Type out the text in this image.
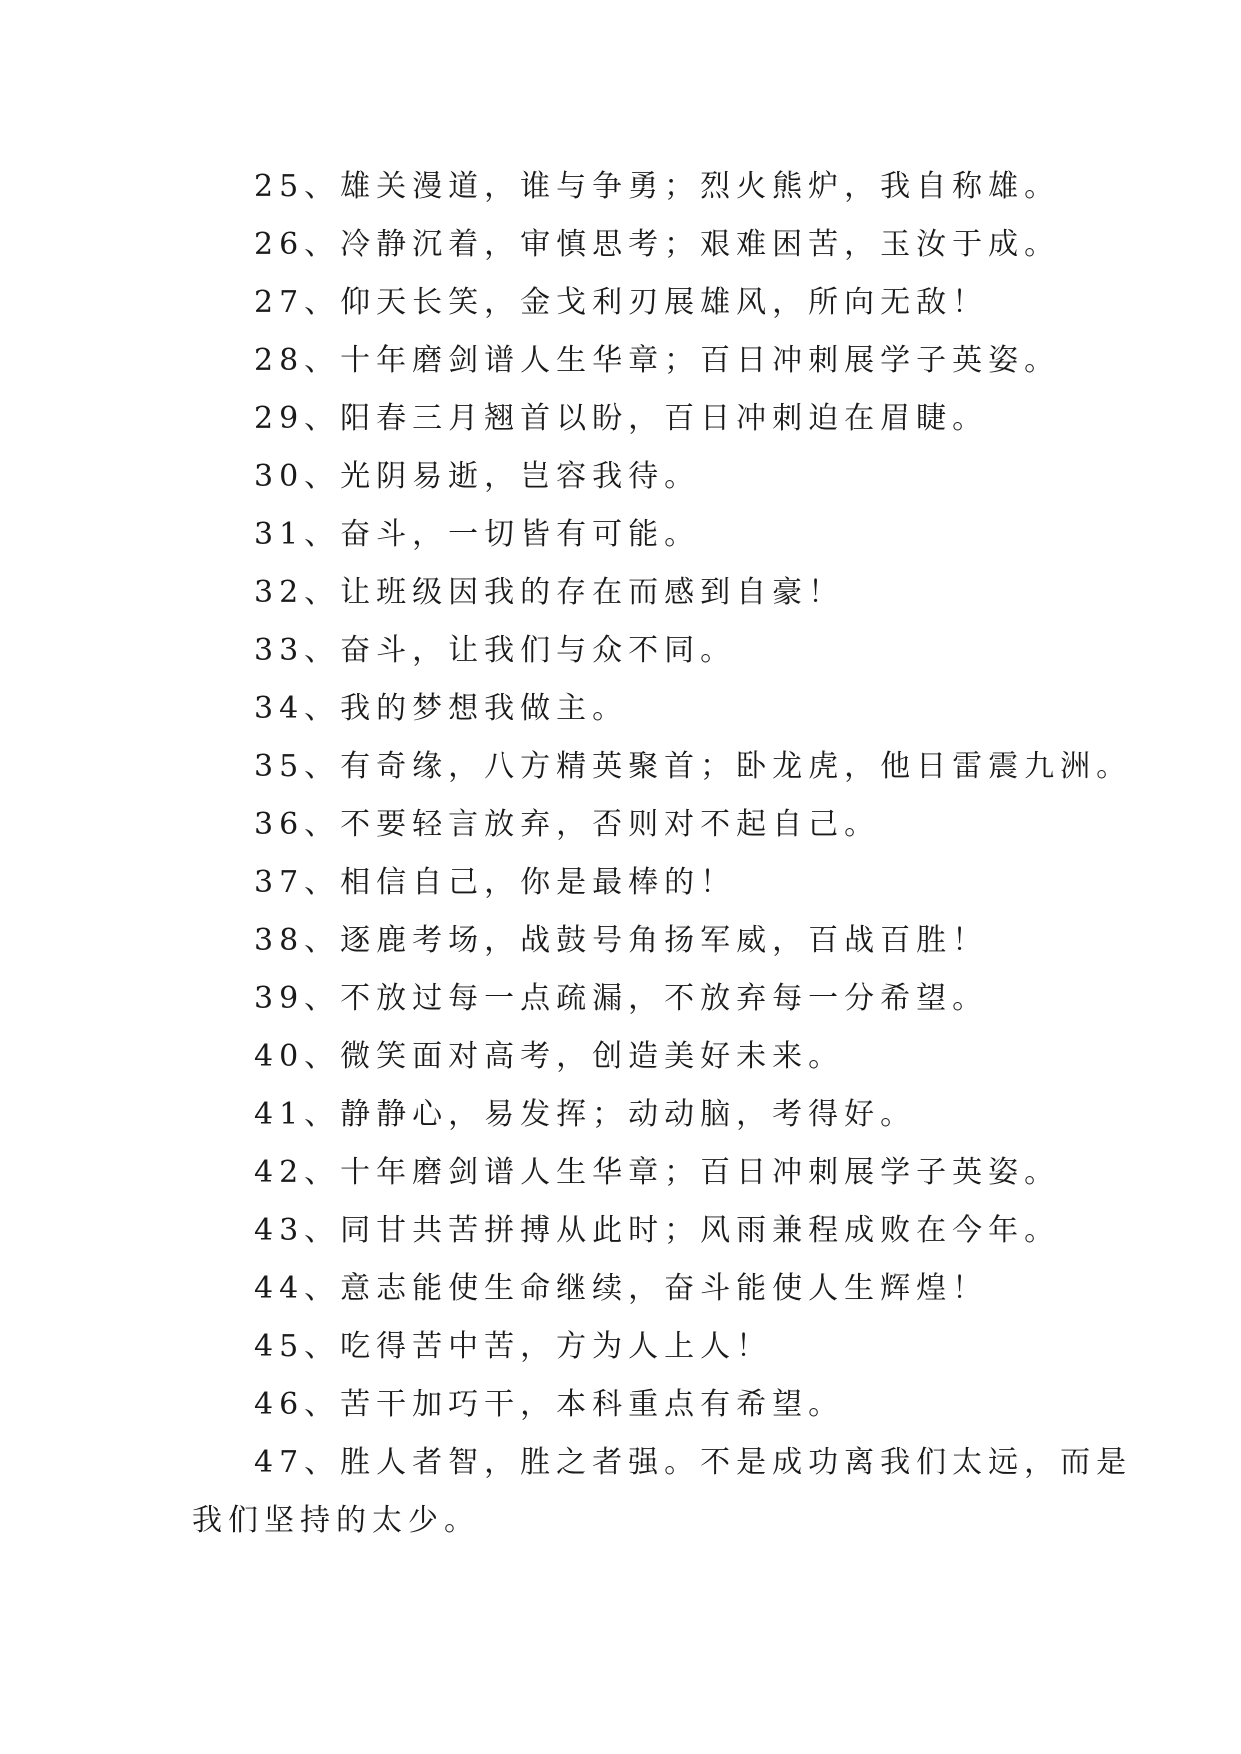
25、雄关漫道，谁与争勇；烈火熊炉，我自称雄。
26、冷静沉着，审慎思考；艰难困苦，玉汝于成。
27、仰天长笑，金戈利刃展雄风，所向无敌！
28、十年磨剑谱人生华章；百日冲刺展学子英姿。
29、阳春三月翘首以盼，百日冲刺迫在眉睫。
30、光阴易逝，岂容我待。
31、奋斗，一切皆有可能。
32、让班级因我的存在而感到自豪！
33、奋斗，让我们与众不同。
34、我的梦想我做主。
35、有奇缘，八方精英聚首；卧龙虎，他日雷震九洲。
36、不要轻言放弃，否则对不起自己。
37、相信自己，你是最棒的！
38、逐鹿考场，战鼓号角扬军威，百战百胜！
39、不放过每一点疏漏，不放弃每一分希望。
40、微笑面对高考，创造美好未来。
41、静静心，易发挥；动动脑，考得好。
42、十年磨剑谱人生华章；百日冲刺展学子英姿。
43、同甘共苦拼搏从此时；风雨兼程成败在今年。
44、意志能使生命继续，奋斗能使人生辉煌！
45、吃得苦中苦，方为人上人！
46、苦干加巧干，本科重点有希望。
47、胜人者智，胜之者强。不是成功离我们太远，而是
我们坚持的太少。
